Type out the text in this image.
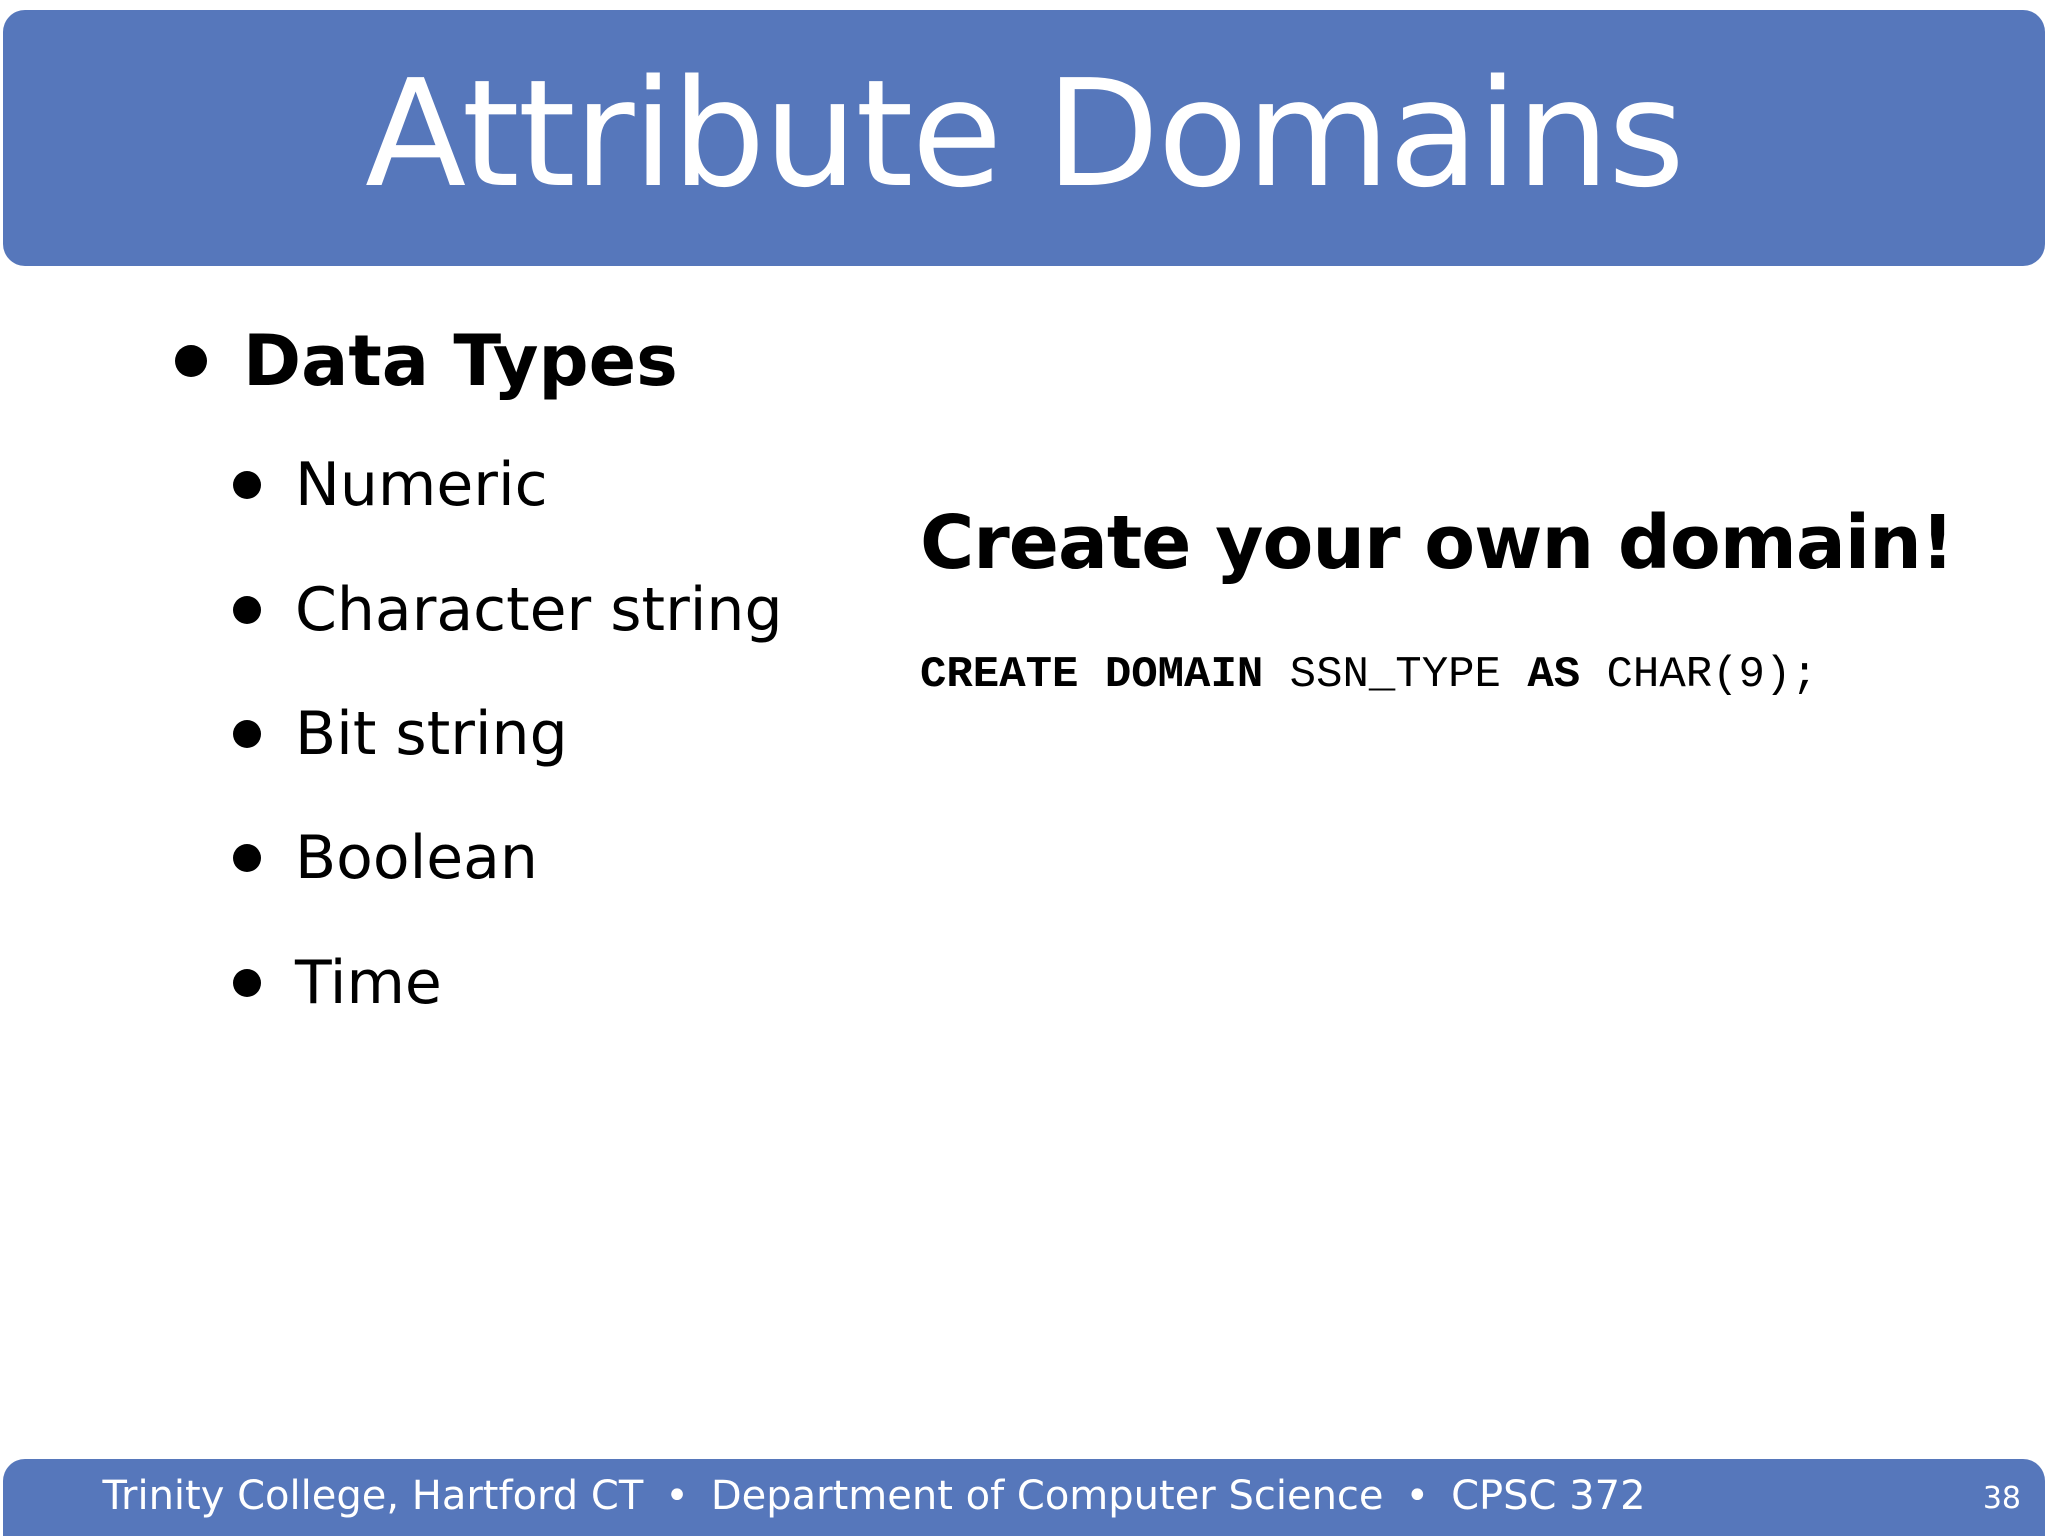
Attribute Domains
Data Types
Numeric
Character string
Bit string
Boolean
Time
Create your own domain!
CREATE DOMAIN SSN_TYPE AS CHAR(9);
Trinity College, Hartford CT • Department of Computer Science • CPSC 372	38
